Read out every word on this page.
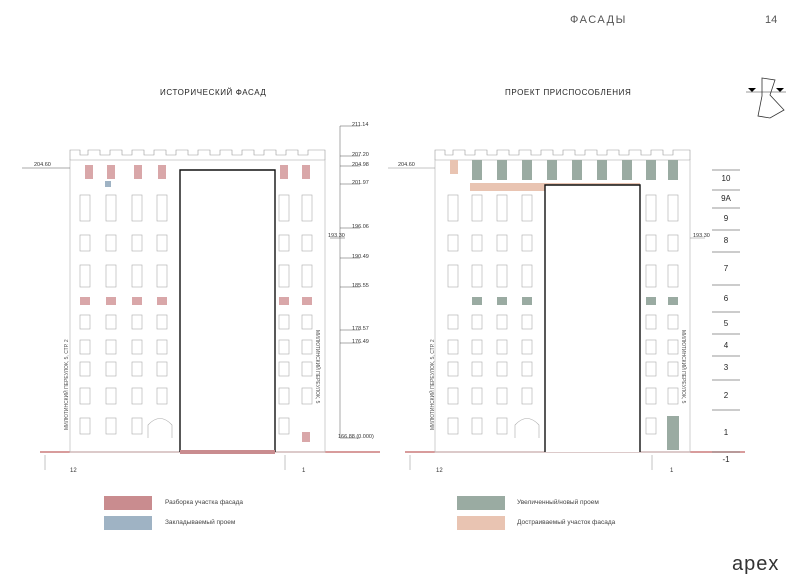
ФАСАДЫ	14
ИСТОРИЧЕСКИЙ ФАСАД	ПРОЕКТ ПРИСПОСОБЛЕНИЯ
211.14
207.20
204.98
201.97
196.06
190.49
185.55
178.57
176.49
166.88 (0.000)
204.60
193.30
12	1
МИЛЮТИНСКИЙ ПЕРЕУЛОК, 5, СТР. 2	МИЛЮТИНСКИЙ ПЕРЕУЛОК, 5
204.60
193.30
12	1
МИЛЮТИНСКИЙ ПЕРЕУЛОК, 5, СТР. 2	МИЛЮТИНСКИЙ ПЕРЕУЛОК, 5
10
9А
9
8
7
6
5
4
3
2
1
-1
Разборка участка фасада
Закладываемый проем
Увеличенный/новый проем
Достраиваемый участок фасада
apex
